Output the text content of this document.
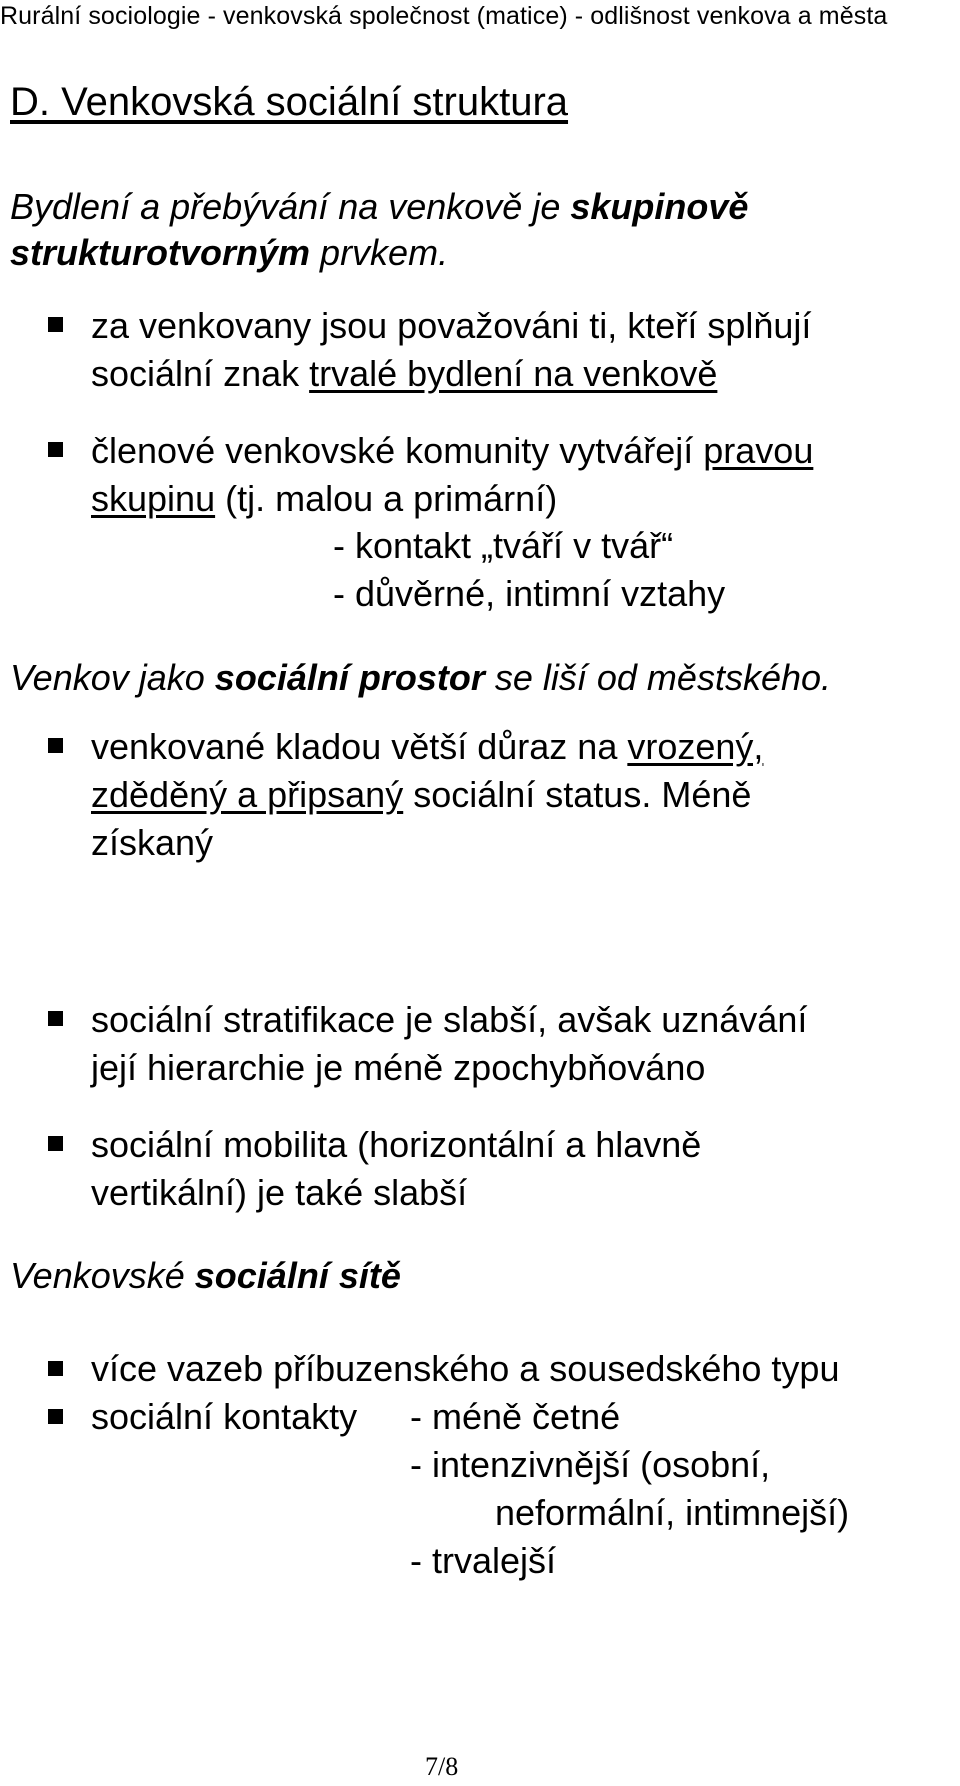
Rurální sociologie - venkovská společnost (matice) - odlišnost venkova a města
D. Venkovská sociální struktura
Bydlení a přebývání na venkově je skupinově
strukturotvorným prvkem.
za venkovany jsou považováni ti, kteří splňují
sociální znak trvalé bydlení na venkově
členové venkovské komunity vytvářejí pravou
skupinu (tj. malou a primární)
- kontakt „tváří v tvář“
- důvěrné, intimní vztahy
Venkov jako sociální prostor se liší od městského.
venkované kladou větší důraz na vrozený,
zděděný a připsaný sociální status. Méně
získaný
sociální stratifikace je slabší, avšak uznávání
její hierarchie je méně zpochybňováno
sociální mobilita (horizontální a hlavně
vertikální) je také slabší
Venkovské sociální sítě
více vazeb příbuzenského a sousedského typu
sociální kontakty - méně četné
- intenzivnější (osobní,
neformální, intimnejší)
- trvalejší
7/8
